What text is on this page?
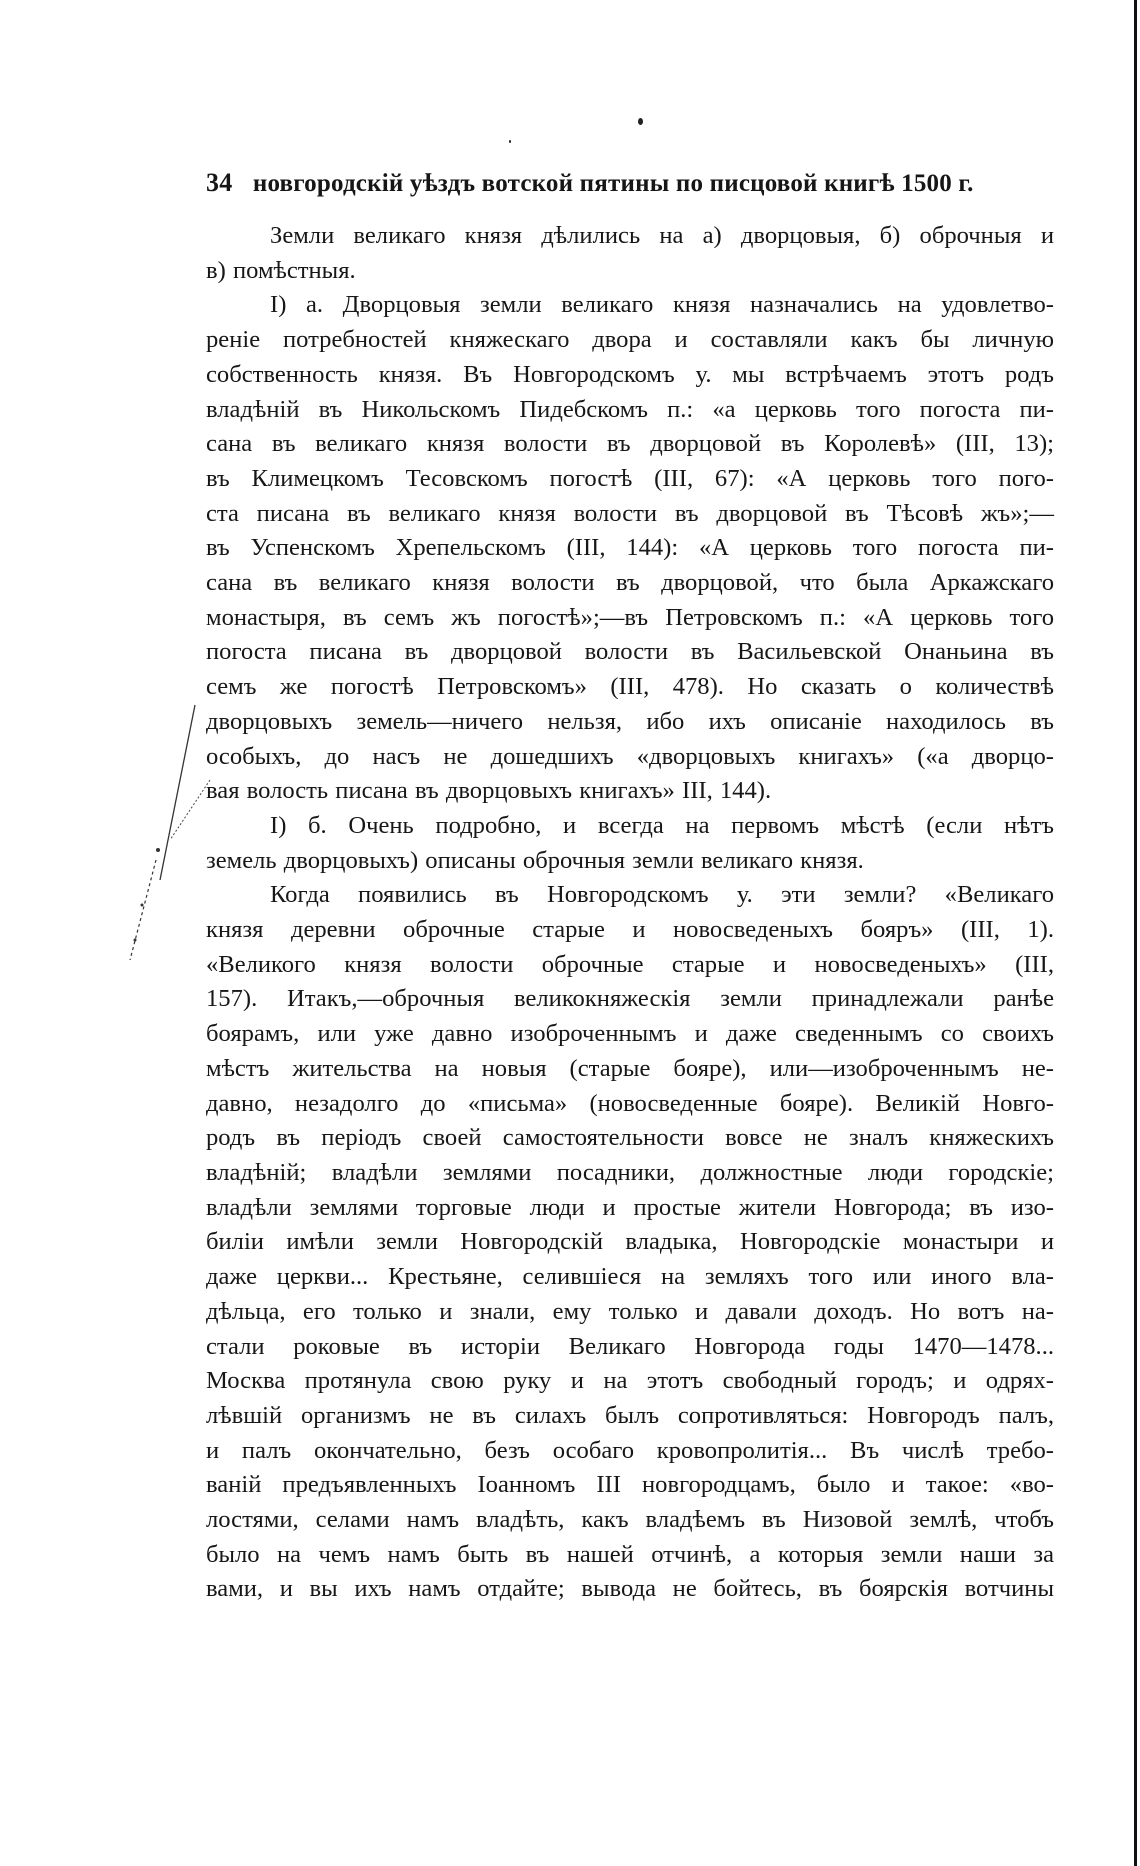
34 новгородскій уѣздъ вотской пятины по писцовой книгѣ 1500 г.
Земли великаго князя дѣлились на а) дворцовыя, б) оброчныя и
в) помѣстныя.
I) а. Дворцовыя земли великаго князя назначались на удовлетво-
реніе потребностей княжескаго двора и составляли какъ бы личную
собственность князя. Въ Новгородскомъ у. мы встрѣчаемъ этотъ родъ
владѣній въ Никольскомъ Пидебскомъ п.: «а церковь того погоста пи-
сана въ великаго князя волости въ дворцовой въ Королевѣ» (III, 13);
въ Климецкомъ Тесовскомъ погостѣ (III, 67): «А церковь того пого-
ста писана въ великаго князя волости въ дворцовой въ Тѣсовѣ жъ»;—
въ Успенскомъ Хрепельскомъ (III, 144): «А церковь того погоста пи-
сана въ великаго князя волости въ дворцовой, что была Аркажскаго
монастыря, въ семъ жъ погостѣ»;—въ Петровскомъ п.: «А церковь того
погоста писана въ дворцовой волости въ Васильевской Онаньина въ
семъ же погостѣ Петровскомъ» (III, 478). Но сказать о количествѣ
дворцовыхъ земель—ничего нельзя, ибо ихъ описаніе находилось въ
особыхъ, до насъ не дошедшихъ «дворцовыхъ книгахъ» («а дворцо-
вая волость писана въ дворцовыхъ книгахъ» III, 144).
I) б. Очень подробно, и всегда на первомъ мѣстѣ (если нѣтъ
земель дворцовыхъ) описаны оброчныя земли великаго князя.
Когда появились въ Новгородскомъ у. эти земли? «Великаго
князя деревни оброчные старые и новосведеныхъ бояръ» (III, 1).
«Великого князя волости оброчные старые и новосведеныхъ» (III,
157). Итакъ,—оброчныя великокняжескія земли принадлежали ранѣе
боярамъ, или уже давно изоброченнымъ и даже сведеннымъ со своихъ
мѣстъ жительства на новыя (старые бояре), или—изоброченнымъ не-
давно, незадолго до «письма» (новосведенные бояре). Великій Новго-
родъ въ періодъ своей самостоятельности вовсе не зналъ княжескихъ
владѣній; владѣли землями посадники, должностные люди городскіе;
владѣли землями торговые люди и простые жители Новгорода; въ изо-
биліи имѣли земли Новгородскій владыка, Новгородскіе монастыри и
даже церкви... Крестьяне, селившіеся на земляхъ того или иного вла-
дѣльца, его только и знали, ему только и давали доходъ. Но вотъ на-
стали роковые въ исторіи Великаго Новгорода годы 1470—1478...
Москва протянула свою руку и на этотъ свободный городъ; и одрях-
лѣвшій организмъ не въ силахъ былъ сопротивляться: Новгородъ палъ,
и палъ окончательно, безъ особаго кровопролитія... Въ числѣ требо-
ваній предъявленныхъ Іоанномъ III новгородцамъ, было и такое: «во-
лостями, селами намъ владѣть, какъ владѣемъ въ Низовой землѣ, чтобъ
было на чемъ намъ быть въ нашей отчинѣ, а которыя земли наши за
вами, и вы ихъ намъ отдайте; вывода не бойтесь, въ боярскія вотчины
